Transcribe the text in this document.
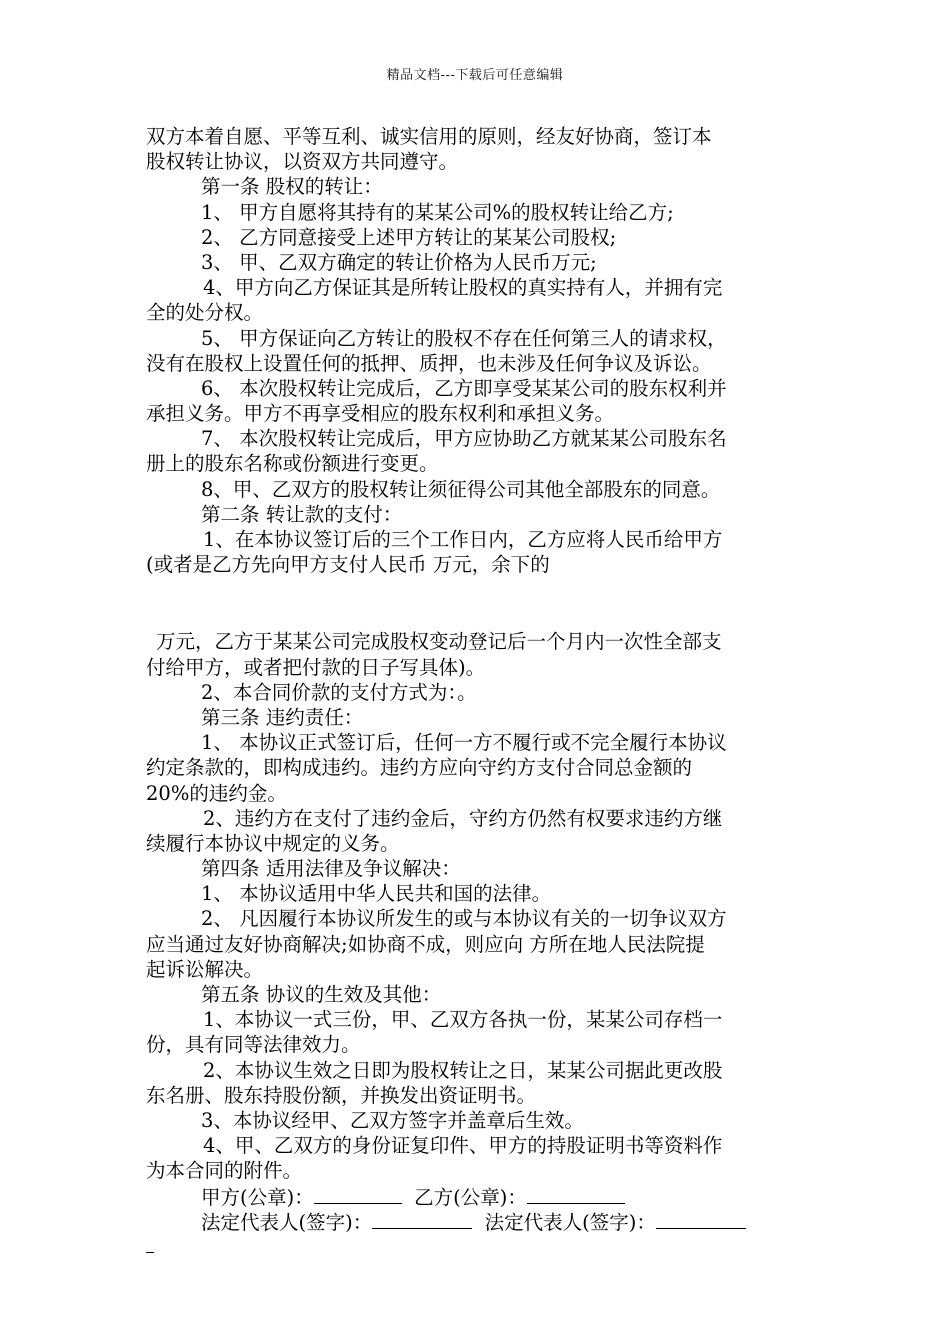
精品文档---下载后可任意编辑
双方本着自愿、平等互利、诚实信用的原则，经友好协商，签订本
股权转让协议，以资双方共同遵守。
第一条 股权的转让：
1、 甲方自愿将其持有的某某公司%的股权转让给乙方;
2、 乙方同意接受上述甲方转让的某某公司股权;
3、 甲、乙双方确定的转让价格为人民币万元;
4、甲方向乙方保证其是所转让股权的真实持有人，并拥有完
全的处分权。
5、 甲方保证向乙方转让的股权不存在任何第三人的请求权，
没有在股权上设置任何的抵押、质押，也未涉及任何争议及诉讼。
6、 本次股权转让完成后，乙方即享受某某公司的股东权利并
承担义务。甲方不再享受相应的股东权利和承担义务。
7、 本次股权转让完成后，甲方应协助乙方就某某公司股东名
册上的股东名称或份额进行变更。
8、甲、乙双方的股权转让须征得公司其他全部股东的同意。
第二条 转让款的支付：
1、在本协议签订后的三个工作日内，乙方应将人民币给甲方
(或者是乙方先向甲方支付人民币 万元，余下的
万元，乙方于某某公司完成股权变动登记后一个月内一次性全部支
付给甲方，或者把付款的日子写具体)。
2、本合同价款的支付方式为：。
第三条 违约责任：
1、 本协议正式签订后，任何一方不履行或不完全履行本协议
约定条款的，即构成违约。违约方应向守约方支付合同总金额的
20%的违约金。
2、违约方在支付了违约金后，守约方仍然有权要求违约方继
续履行本协议中规定的义务。
第四条 适用法律及争议解决：
1、 本协议适用中华人民共和国的法律。
2、 凡因履行本协议所发生的或与本协议有关的一切争议双方
应当通过友好协商解决;如协商不成，则应向 方所在地人民法院提
起诉讼解决。
第五条 协议的生效及其他：
1、本协议一式三份，甲、乙双方各执一份，某某公司存档一
份，具有同等法律效力。
2、本协议生效之日即为股权转让之日，某某公司据此更改股
东名册、股东持股份额，并换发出资证明书。
3、本协议经甲、乙双方签字并盖章后生效。
4、甲、乙双方的身份证复印件、甲方的持股证明书等资料作
为本合同的附件。
甲方(公章)：	乙方(公章)：
法定代表人(签字)：	法定代表人(签字)：
